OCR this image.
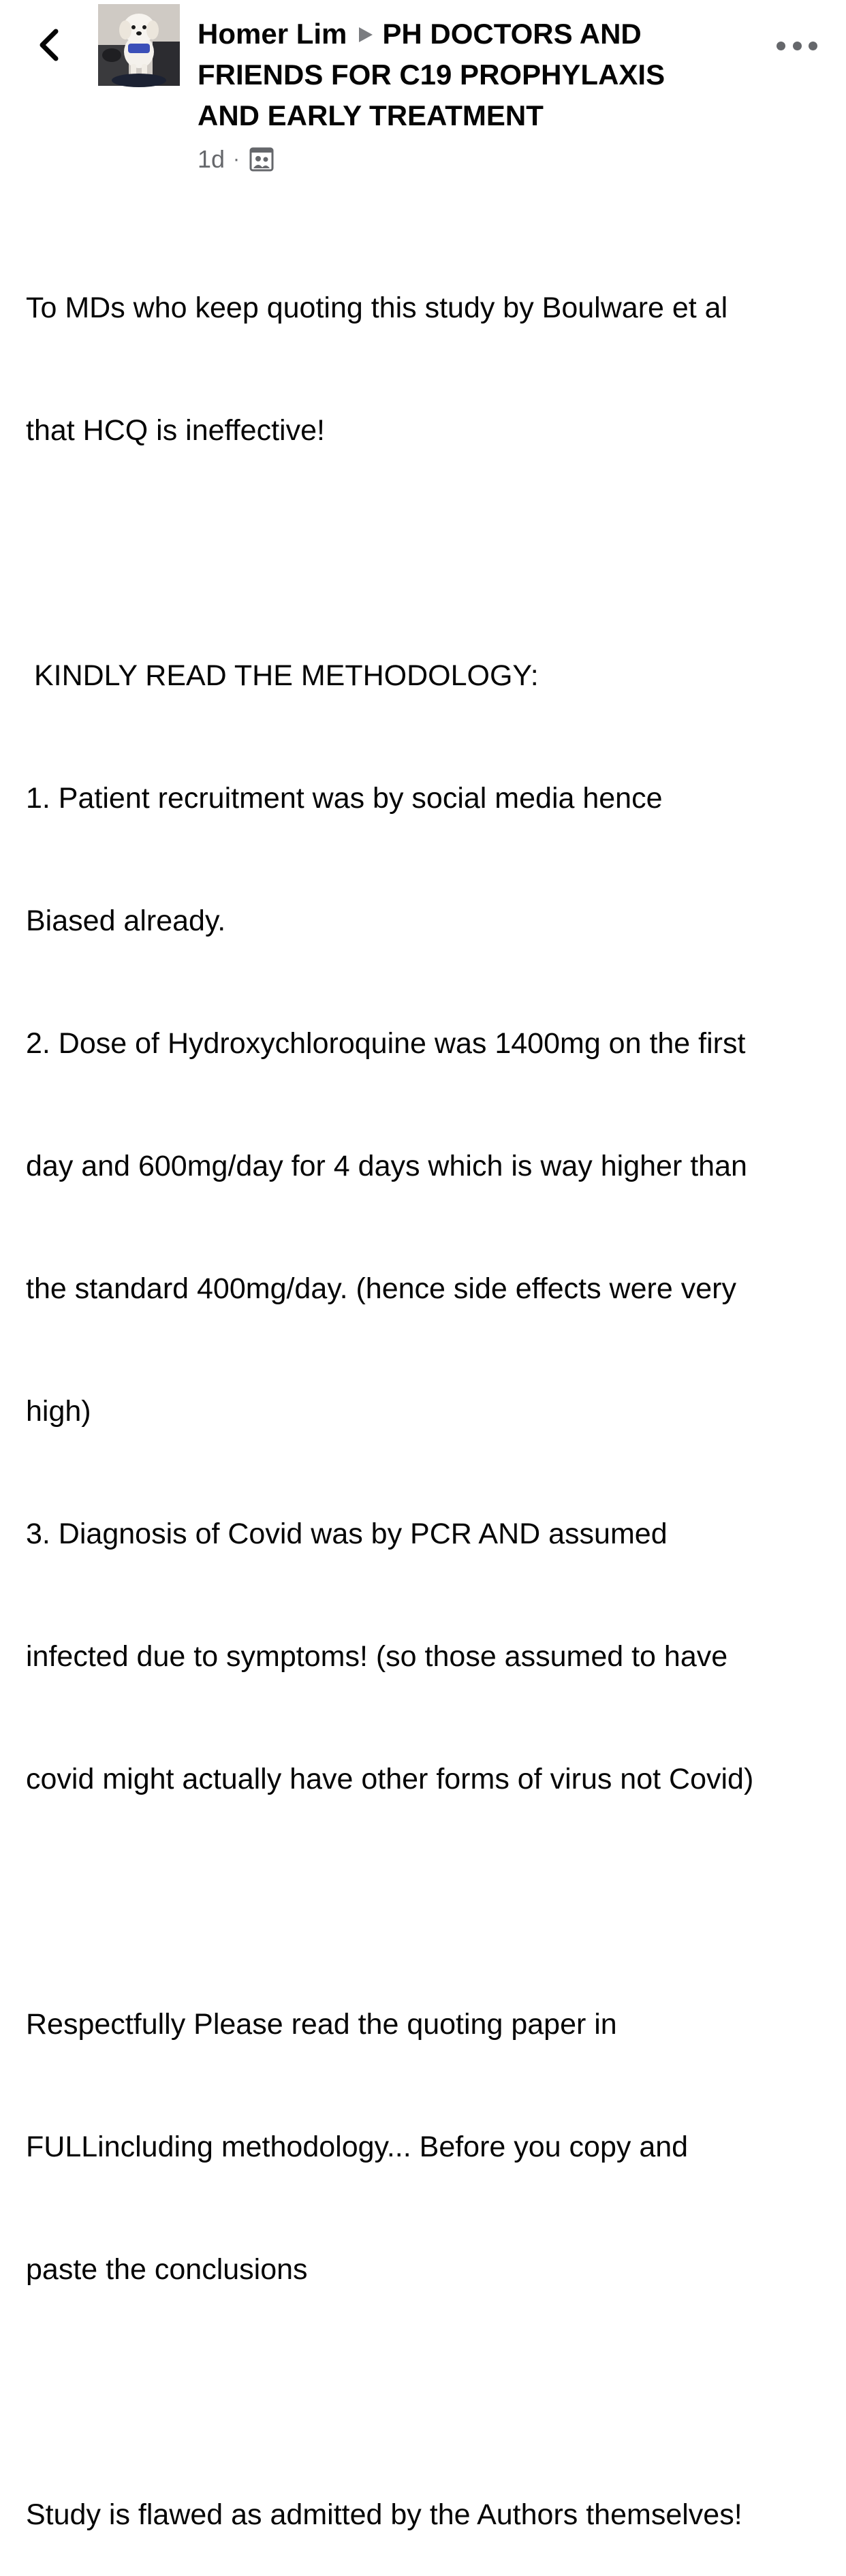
Homer Lim PH DOCTORS AND
FRIENDS FOR C19 PROPHYLAXIS
AND EARLY TREATMENT

1d ·

To MDs who keep quoting this study by Boulware et al

that HCQ is ineffective!

KINDLY READ THE METHODOLOGY:

1. Patient recruitment was by social media hence

Biased already.

2. Dose of Hydroxychloroquine was 1400mg on the first

day and 600mg/day for 4 days which is way higher than

the standard 400mg/day. (hence side effects were very

high)

3. Diagnosis of Covid was by PCR AND assumed

infected due to symptoms! (so those assumed to have

covid might actually have other forms of virus not Covid)

Respectfully Please read the quoting paper in

FULLincluding methodology... Before you copy and

paste the conclusions

Study is flawed as admitted by the Authors themselves!
